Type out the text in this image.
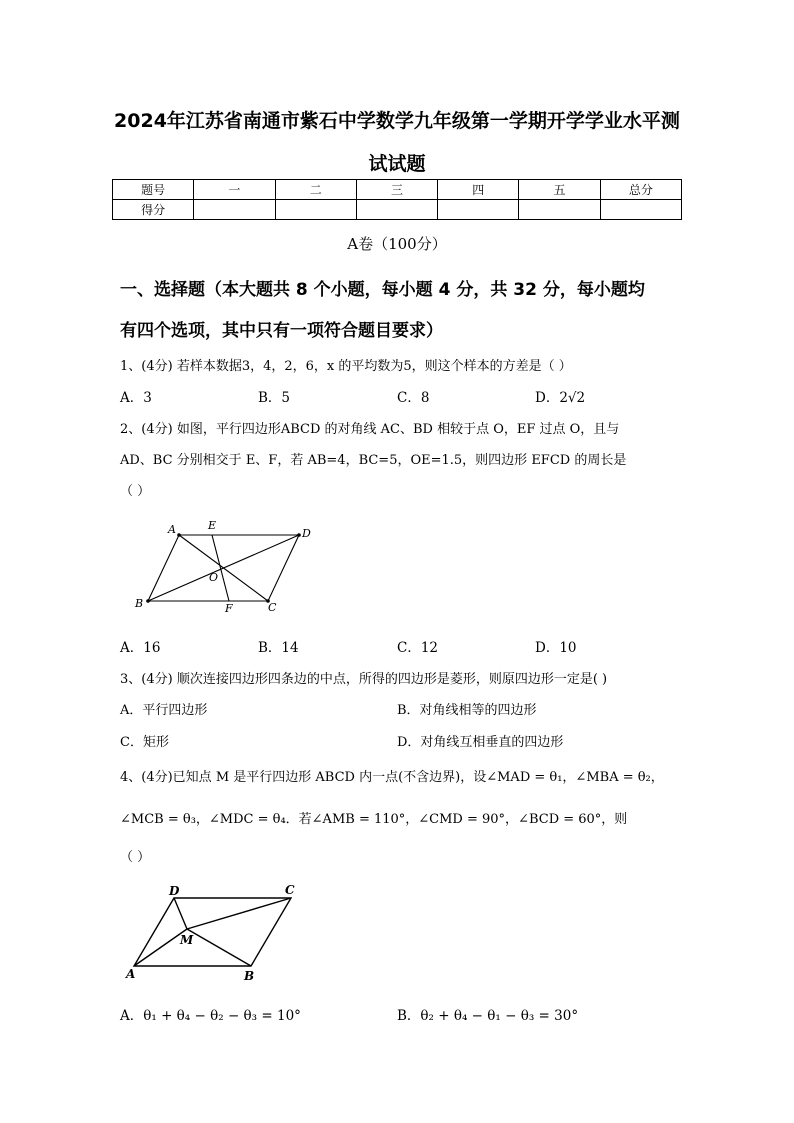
2024年江苏省南通市紫石中学数学九年级第一学期开学学业水平测
试试题
题号	一	二	三	四	五	总分
得分						
A卷（100分）
一、选择题（本大题共 8 个小题，每小题 4 分，共 32 分，每小题均
有四个选项，其中只有一项符合题目要求）
1、(4分) 若样本数据3，4，2，6，x 的平均数为5，则这个样本的方差是（ ）
A．3	B．5	C．8	D．2√2
2、(4分) 如图，平行四边形ABCD 的对角线 AC、BD 相较于点 O，EF 过点 O，且与
AD、BC 分别相交于 E、F，若 AB=4，BC=5，OE=1.5，则四边形 EFCD 的周长是
（ ）
A	E
D
O
B	F	C
A．16	B．14	C．12	D．10
3、(4分) 顺次连接四边形四条边的中点，所得的四边形是菱形，则原四边形一定是( )
A．平行四边形	B．对角线相等的四边形
C．矩形	D．对角线互相垂直的四边形
4、(4分)已知点 M 是平行四边形 ABCD 内一点(不含边界)，设∠MAD = θ₁，∠MBA = θ₂，
∠MCB = θ₃，∠MDC = θ₄．若∠AMB = 110°，∠CMD = 90°，∠BCD = 60°，则
（ ）
D	C
M
A	B
A．θ₁ + θ₄ − θ₂ − θ₃ = 10°	B．θ₂ + θ₄ − θ₁ − θ₃ = 30°
